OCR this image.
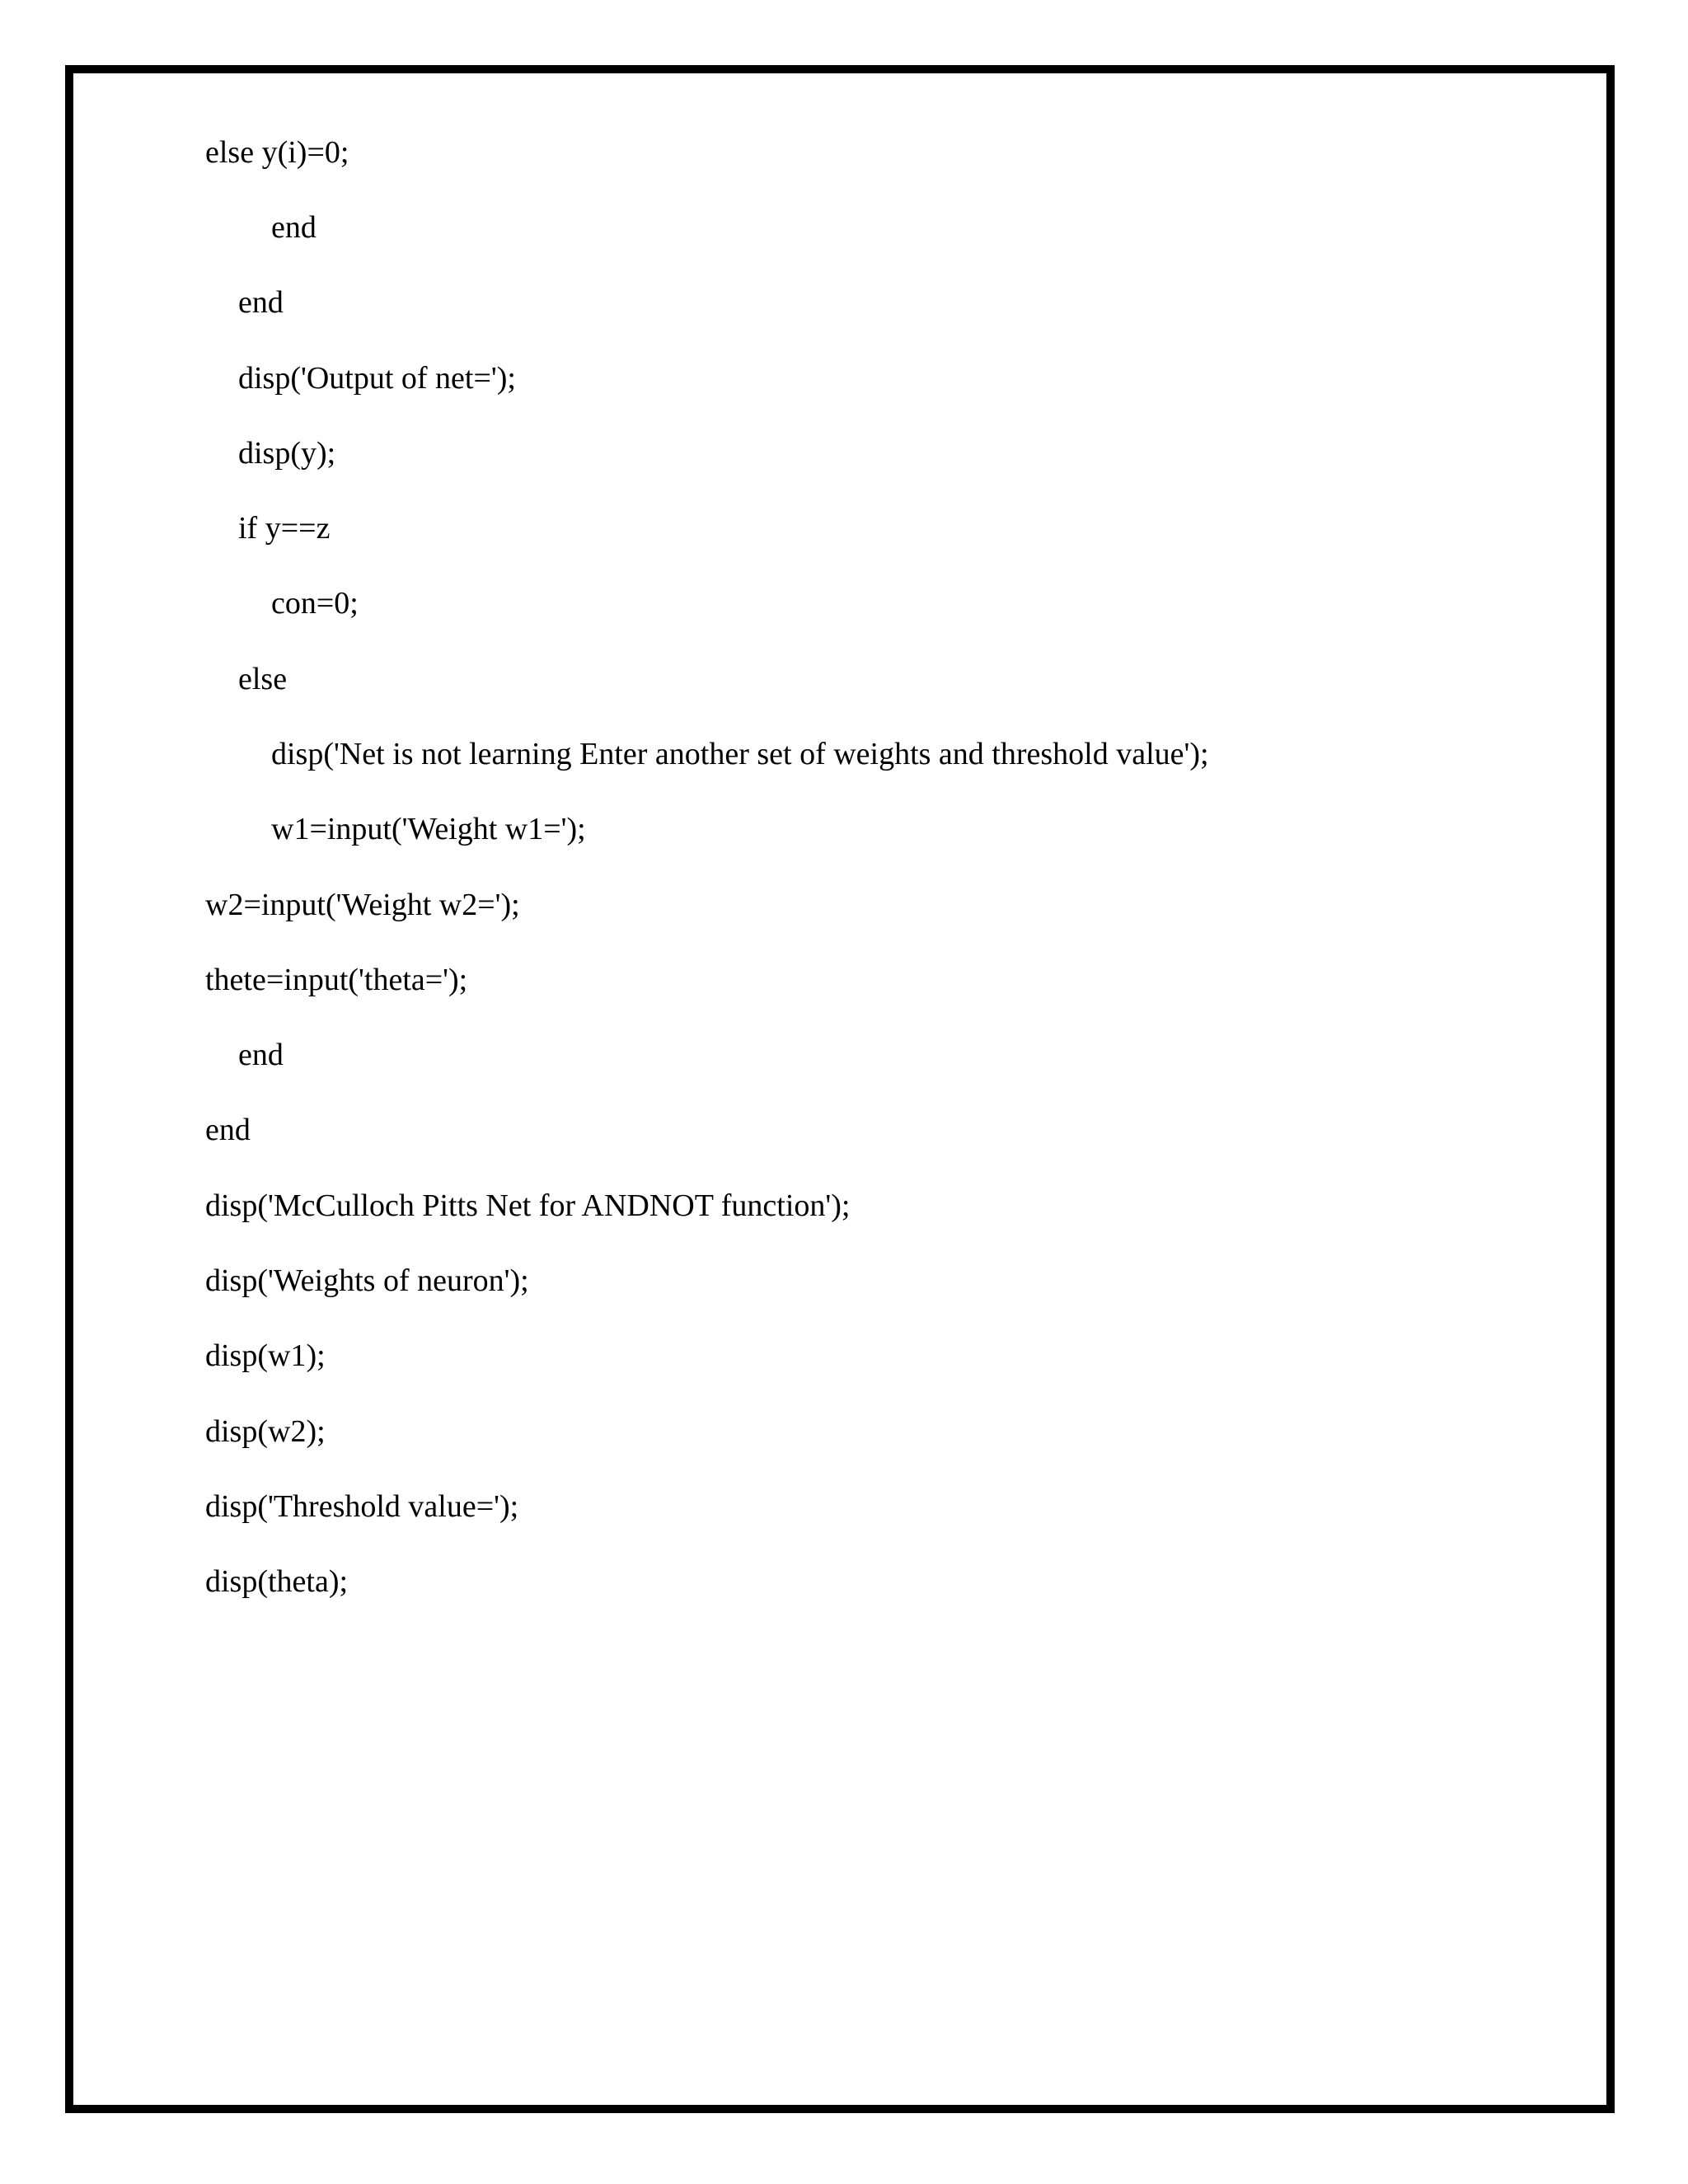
else y(i)=0;

end

end

disp('Output of net=');

disp(y);

if y==z

con=0;

else

disp('Net is not learning Enter another set of weights and threshold value');

w1=input('Weight w1=');

w2=input('Weight w2=');

thete=input('theta=');

end

end

disp('McCulloch Pitts Net for ANDNOT function');

disp('Weights of neuron');

disp(w1);

disp(w2);

disp('Threshold value=');

disp(theta);
